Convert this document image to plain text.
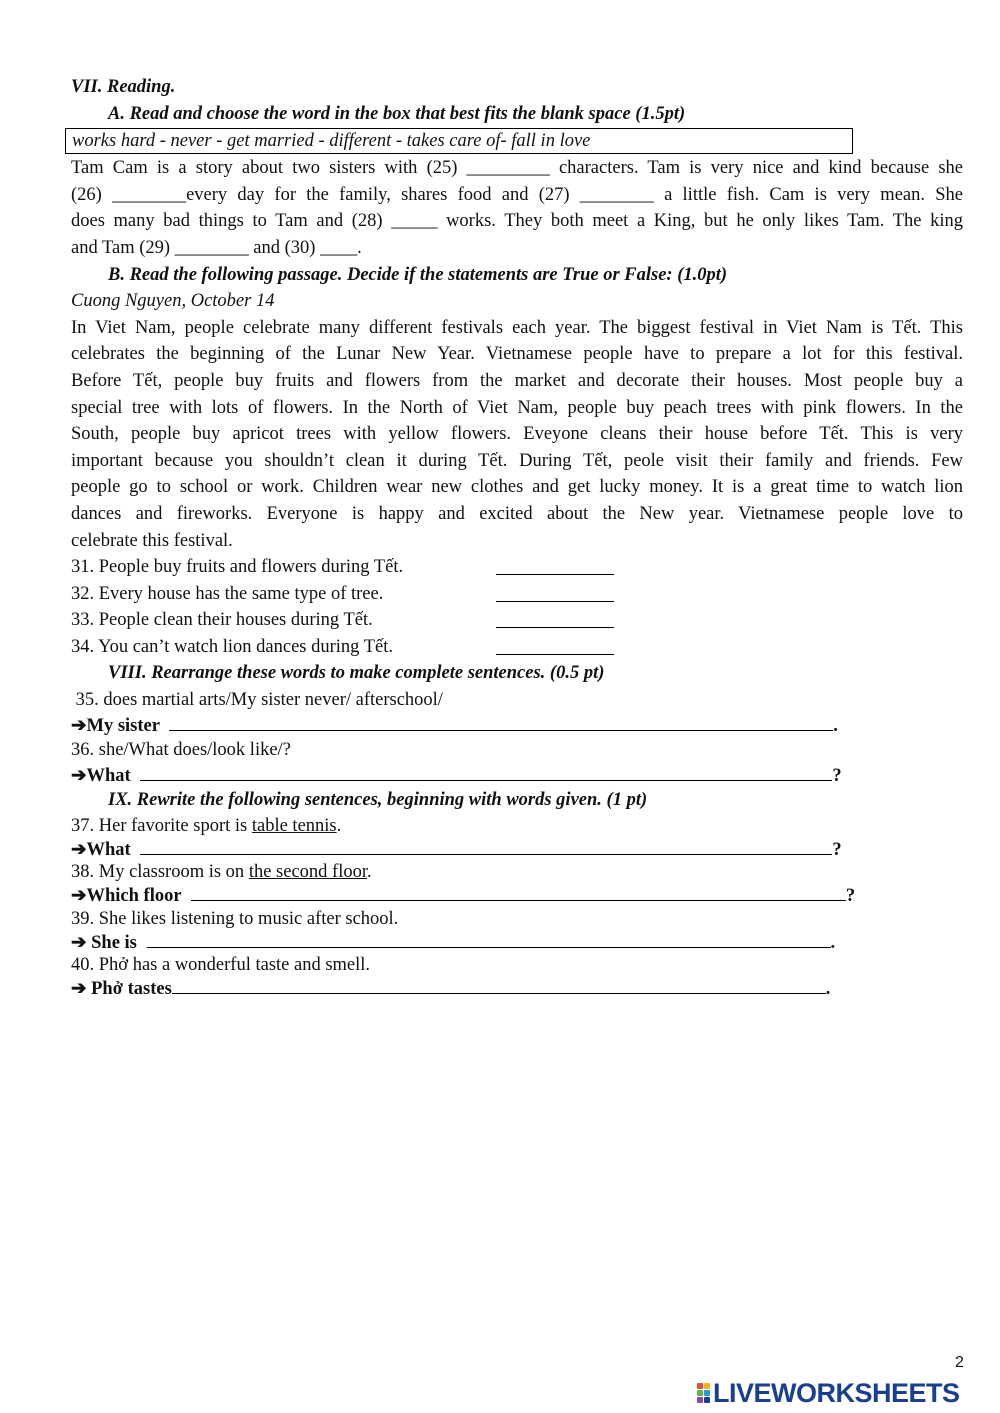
VII. Reading.
A. Read and choose the word in the box that best fits the blank space (1.5pt)
works hard - never - get married - different - takes care of- fall in love
Tam Cam is a story about two sisters with (25) _________ characters. Tam is very nice and kind because she
(26) ________every day for the family, shares food and (27) ________ a little fish. Cam is very mean. She
does many bad things to Tam and (28) _____ works. They both meet a King, but he only likes Tam. The king
and Tam (29) ________ and (30) ____.
B. Read the following passage. Decide if the statements are True or False: (1.0pt)
Cuong Nguyen, October 14
In Viet Nam, people celebrate many different festivals each year. The biggest festival in Viet Nam is Tết. This
celebrates the beginning of the Lunar New Year. Vietnamese people have to prepare a lot for this festival.
Before Tết, people buy fruits and flowers from the market and decorate their houses. Most people buy a
special tree with lots of flowers. In the North of Viet Nam, people buy peach trees with pink flowers. In the
South, people buy apricot trees with yellow flowers. Eveyone cleans their house before Tết. This is very
important because you shouldn’t clean it during Tết. During Tết, peole visit their family and friends. Few
people go to school or work. Children wear new clothes and get lucky money. It is a great time to watch lion
dances and fireworks. Everyone is happy and excited about the New year. Vietnamese people love to
celebrate this festival.
31. People buy fruits and flowers during Tết.
32. Every house has the same type of tree.
33. People clean their houses during Tết.
34. You can’t watch lion dances during Tết.
VIII. Rearrange these words to make complete sentences. (0.5 pt)
35. does martial arts/My sister never/ afterschool/
➔My sister	.
36. she/What does/look like/?
➔What	?
IX. Rewrite the following sentences, beginning with words given. (1 pt)
37. Her favorite sport is table tennis.
➔What	?
38. My classroom is on the second floor.
➔Which floor	?
39. She likes listening to music after school.
➔ She is	.
40. Phở has a wonderful taste and smell.
➔ Phở tastes	.
2
LIVEWORKSHEETS
